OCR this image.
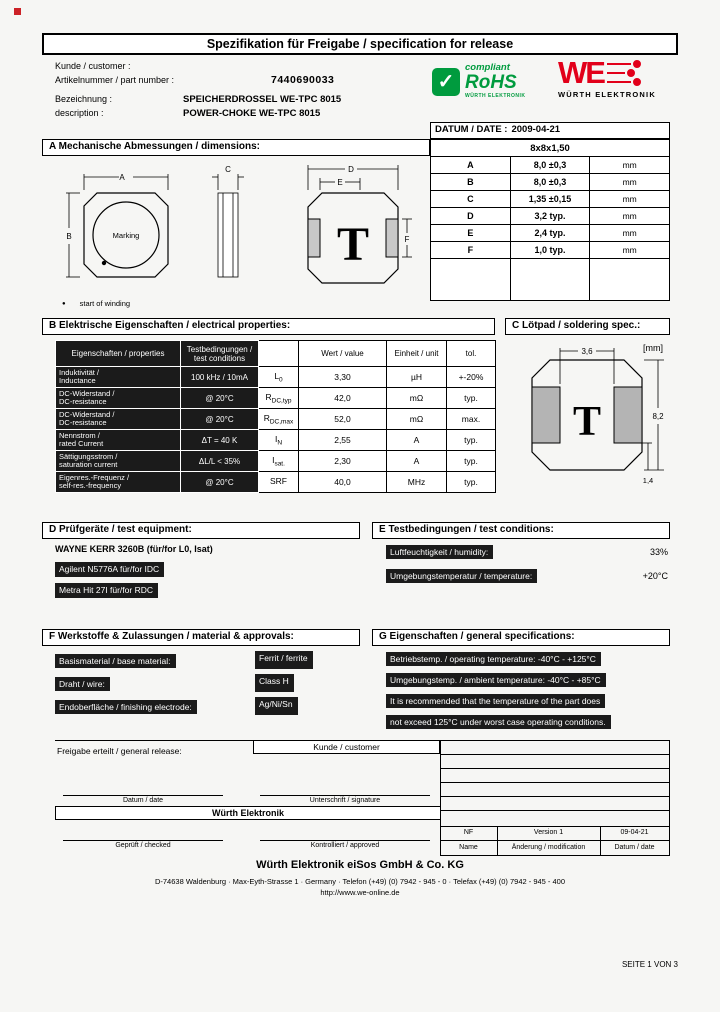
Spezifikation für Freigabe / specification for release
Kunde / customer :
Artikelnummer / part number :	7440690033
Bezeichnung :	SPEICHERDROSSEL WE-TPC 8015
description :	POWER-CHOKE WE-TPC 8015
✓
compliant
RoHS
WÜRTH ELEKTRONIK
WE
WÜRTH ELEKTRONIK
DATUM / DATE : 2009-04-21
A Mechanische Abmessungen / dimensions:	8x8x1,50		
A	8,0 ±0,3	mm
B	8,0 ±0,3	mm
C	1,35 ±0,15	mm
D	3,2 typ.	mm
E	2,4 typ.	mm
F	1,0 typ.	mm

Marking
A
B
C	D
E
F
T
● start of winding
B Elektrische Eigenschaften / electrical properties:	C Lötpad / soldering spec.:
[mm]
Eigenschaften / properties	Testbedingungen /
test conditions		Wert / value	Einheit / unit	tol.

Induktivität /
Inductance	100 kHz / 10mA	$L_0$	3,30	µH	+-20%

DC-Widerstand /
DC-resistance	@ 20°C	$R_{DC,typ}$	42,0	mΩ	typ.

DC-Widerstand /
DC-resistance	@ 20°C	$R_{DC,max}$	52,0	mΩ	max.

Nennstrom /
rated Current	ΔT = 40 K	$I_N$	2,55	A	typ.

Sättigungsstrom /
saturation current	ΔL/L < 35%	$I_{sat.}$	2,30	A	typ.

Eigenres.-Frequenz /
self-res.-frequency	@ 20°C	SRF	40,0	MHz	typ.
3,6
8,2
1,4
T
D Prüfgeräte / test equipment:	E Testbedingungen / test conditions:
WAYNE KERR 3260B (für/for L0, Isat)
Agilent N5776A für/for IDC
Metra Hit 27I für/for RDC
Luftfeuchtigkeit / humidity:	33%
Umgebungstemperatur / temperature:	+20°C
F Werkstoffe & Zulassungen / material & approvals:	G Eigenschaften / general specifications:
Basismaterial / base material:	Ferrit / ferrite
Draht / wire:	Class H
Endoberfläche / finishing electrode:	Ag/Ni/Sn
Betriebstemp. / operating temperature: -40°C - +125°C
Umgebungstemp. / ambient temperature: -40°C - +85°C
It is recommended that the temperature of the part does
not exceed 125°C under worst case operating conditions.
Freigabe erteilt / general release:	Kunde / customer
Datum / date	Unterschrift / signature
Würth Elektronik
Geprüft / checked	Kontrolliert / approved
NF	Version 1	09-04-21
Name	Änderung / modification	Datum / date
Würth Elektronik eiSos GmbH & Co. KG
D-74638 Waldenburg · Max-Eyth-Strasse 1 · Germany · Telefon (+49) (0) 7942 - 945 - 0 · Telefax (+49) (0) 7942 - 945 - 400
http://www.we-online.de
SEITE 1 VON 3
